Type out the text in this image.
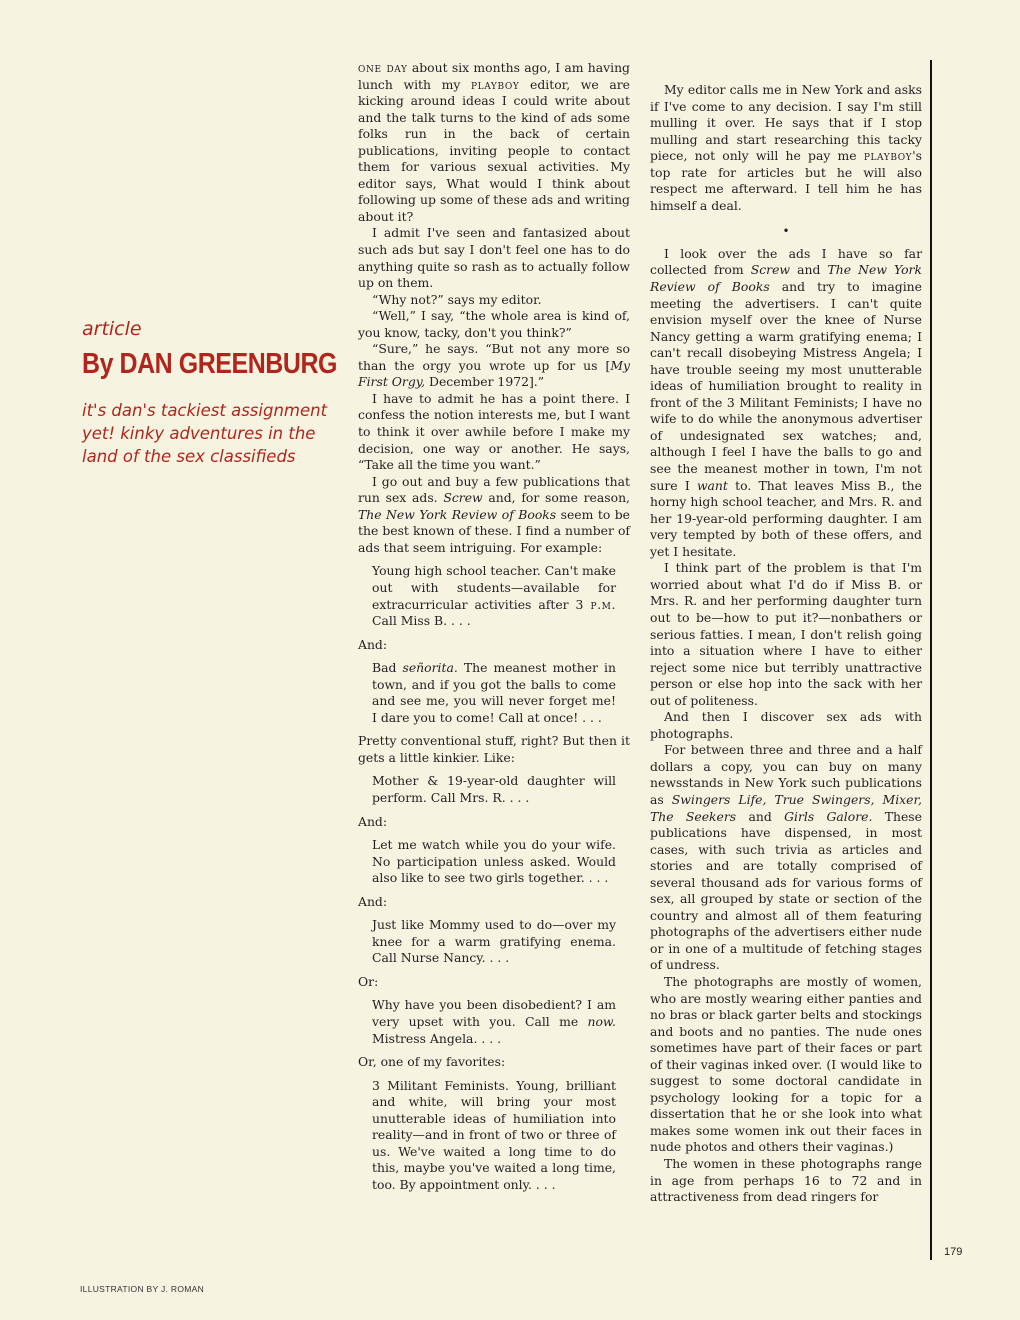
article
By DAN GREENBURG

it's dan's tackiest assignment yet! kinky adventures in the land of the sex classifieds

one day about six months ago, I am having lunch with my playboy editor, we are kicking around ideas I could write about and the talk turns to the kind of ads some folks run in the back of certain publications, inviting people to contact them for various sexual activities. My editor says, What would I think about following up some of these ads and writing about it?

I admit I've seen and fantasized about such ads but say I don't feel one has to do anything quite so rash as to actually follow up on them.

“Why not?” says my editor.

“Well,” I say, “the whole area is kind of, you know, tacky, don't you think?”

“Sure,” he says. “But not any more so than the orgy you wrote up for us [My First Orgy, December 1972].”

I have to admit he has a point there. I confess the notion interests me, but I want to think it over awhile before I make my decision, one way or another. He says, “Take all the time you want.”

I go out and buy a few publications that run sex ads. Screw and, for some reason, The New York Review of Books seem to be the best known of these. I find a number of ads that seem intriguing. For example:

Young high school teacher. Can't make out with students—available for extracurricular activities after 3 p.m. Call Miss B. . . .

And:

Bad señorita. The meanest mother in town, and if you got the balls to come and see me, you will never forget me! I dare you to come! Call at once! . . .

Pretty conventional stuff, right? But then it gets a little kinkier. Like:

Mother & 19-year-old daughter will perform. Call Mrs. R. . . .

And:

Let me watch while you do your wife. No participation unless asked. Would also like to see two girls together. . . .

And:

Just like Mommy used to do—over my knee for a warm gratifying enema. Call Nurse Nancy. . . .

Or:

Why have you been disobedient? I am very upset with you. Call me now. Mistress Angela. . . .

Or, one of my favorites:

3 Militant Feminists. Young, brilliant and white, will bring your most unutterable ideas of humiliation into reality—and in front of two or three of us. We've waited a long time to do this, maybe you've waited a long time, too. By appointment only. . . .

My editor calls me in New York and asks if I've come to any decision. I say I'm still mulling it over. He says that if I stop mulling and start researching this tacky piece, not only will he pay me playboy's top rate for articles but he will also respect me afterward. I tell him he has himself a deal.

•

I look over the ads I have so far collected from Screw and The New York Review of Books and try to imagine meeting the advertisers. I can't quite envision myself over the knee of Nurse Nancy getting a warm gratifying enema; I can't recall disobeying Mistress Angela; I have trouble seeing my most unutterable ideas of humiliation brought to reality in front of the 3 Militant Feminists; I have no wife to do while the anonymous advertiser of undesignated sex watches; and, although I feel I have the balls to go and see the meanest mother in town, I'm not sure I want to. That leaves Miss B., the horny high school teacher, and Mrs. R. and her 19-year-old performing daughter. I am very tempted by both of these offers, and yet I hesitate.

I think part of the problem is that I'm worried about what I'd do if Miss B. or Mrs. R. and her performing daughter turn out to be—how to put it?—nonbathers or serious fatties. I mean, I don't relish going into a situation where I have to either reject some nice but terribly unattractive person or else hop into the sack with her out of politeness.

And then I discover sex ads with photographs.

For between three and three and a half dollars a copy, you can buy on many newsstands in New York such publications as Swingers Life, True Swingers, Mixer, The Seekers and Girls Galore. These publications have dispensed, in most cases, with such trivia as articles and stories and are totally comprised of several thousand ads for various forms of sex, all grouped by state or section of the country and almost all of them featuring photographs of the advertisers either nude or in one of a multitude of fetching stages of undress.

The photographs are mostly of women, who are mostly wearing either panties and no bras or black garter belts and stockings and boots and no panties. The nude ones sometimes have part of their faces or part of their vaginas inked over. (I would like to suggest to some doctoral candidate in psychology looking for a topic for a dissertation that he or she look into what makes some women ink out their faces in nude photos and others their vaginas.)

The women in these photographs range in age from perhaps 16 to 72 and in attractiveness from dead ringers for

179
ILLUSTRATION BY J. ROMAN
